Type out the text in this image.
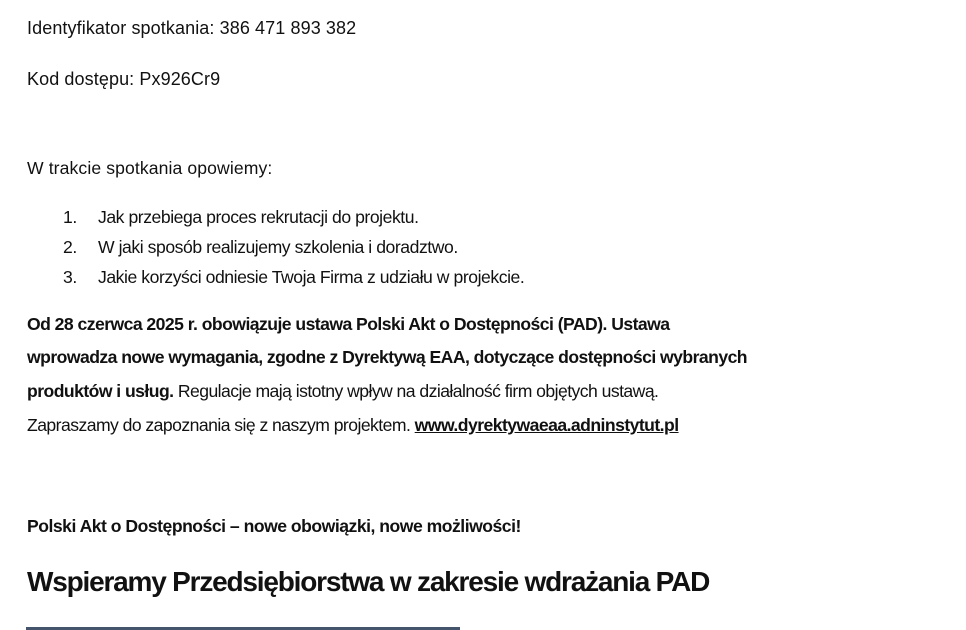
Identyfikator spotkania: 386 471 893 382
Kod dostępu: Px926Cr9
W trakcie spotkania opowiemy:
1. Jak przebiega proces rekrutacji do projektu.
2. W jaki sposób realizujemy szkolenia i doradztwo.
3. Jakie korzyści odniesie Twoja Firma z udziału w projekcie.
Od 28 czerwca 2025 r. obowiązuje ustawa Polski Akt o Dostępności (PAD). Ustawa
wprowadza nowe wymagania, zgodne z Dyrektywą EAA, dotyczące dostępności wybranych
produktów i usług. Regulacje mają istotny wpływ na działalność firm objętych ustawą.
Zapraszamy do zapoznania się z naszym projektem. www.dyrektywaeaa.adninstytut.pl
Polski Akt o Dostępności – nowe obowiązki, nowe możliwości!
Wspieramy Przedsiębiorstwa w zakresie wdrażania PAD
